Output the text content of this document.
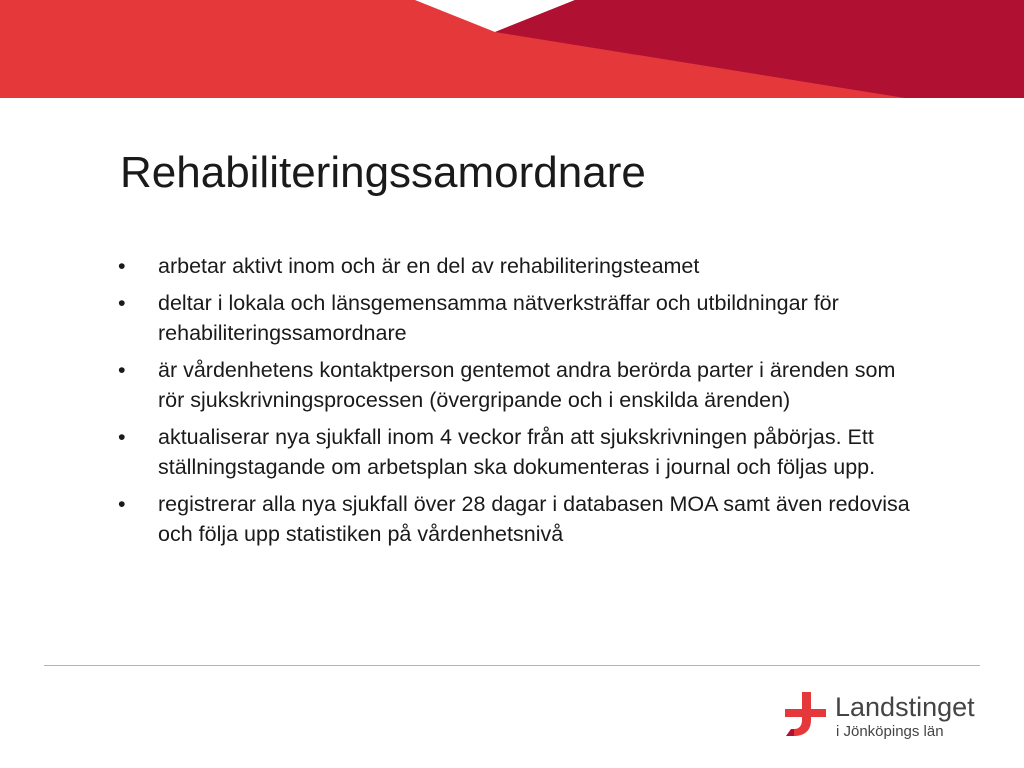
Rehabiliteringssamordnare
•	arbetar aktivt inom och är en del av rehabiliteringsteamet
•	deltar i lokala och länsgemensamma nätverksträffar och utbildningar för rehabiliteringssamordnare
•	är vårdenhetens kontaktperson gentemot andra berörda parter i ärenden som rör sjukskrivningsprocessen (övergripande och i enskilda ärenden)
•	aktualiserar nya sjukfall inom 4 veckor från att sjukskrivningen påbörjas. Ett ställningstagande om arbetsplan ska dokumenteras i journal och följas upp.
•	registrerar alla nya sjukfall över 28 dagar i databasen MOA samt även redovisa och följa upp statistiken på vårdenhetsnivå
Landstinget
i Jönköpings län
